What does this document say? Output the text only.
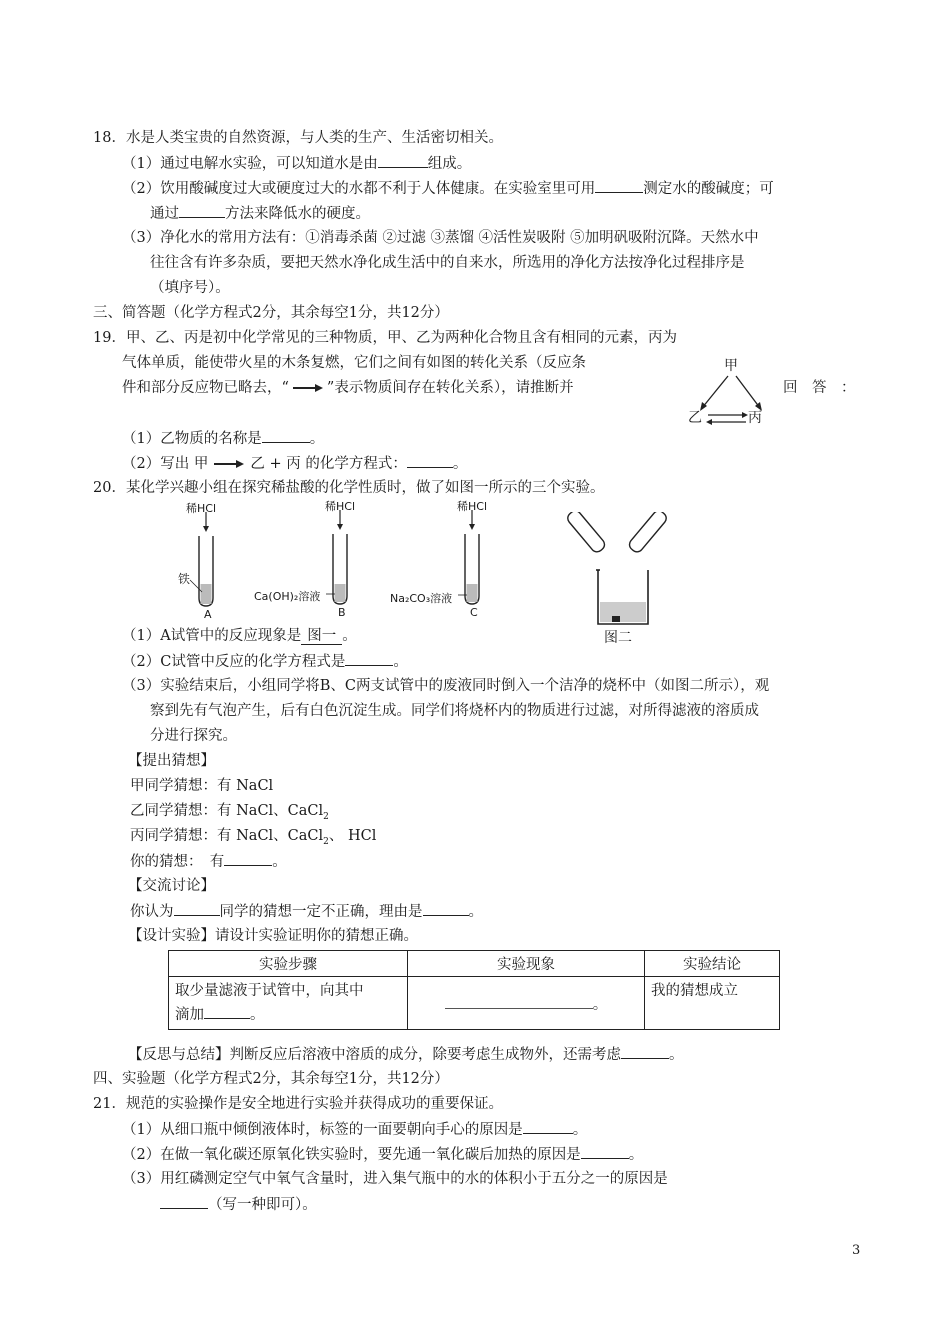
18．水是人类宝贵的自然资源，与人类的生产、生活密切相关。
（1）通过电解水实验，可以知道水是由	组成。
（2）饮用酸碱度过大或硬度过大的水都不利于人体健康。在实验室里可用	测定水的酸碱度；可
通过	方法来降低水的硬度。
（3）净化水的常用方法有：①消毒杀菌 ②过滤 ③蒸馏 ④活性炭吸附 ⑤加明矾吸附沉降。天然水中
往往含有许多杂质，要把天然水净化成生活中的自来水，所选用的净化方法按净化过程排序是
（填序号）。
三、简答题（化学方程式2分，其余每空1分，共12分）
19．甲、乙、丙是初中化学常见的三种物质，甲、乙为两种化合物且含有相同的元素，丙为
气体单质，能使带火星的木条复燃，它们之间有如图的转化关系（反应条
件和部分反应物已略去，“	”表示物质间存在转化关系），请推断并	回　答　：
甲
乙	丙
（1）乙物质的名称是	。
（2）写出 甲	乙 + 丙 的化学方程式：	。
20．某化学兴趣小组在探究稀盐酸的化学性质时，做了如图一所示的三个实验。
稀HCl	稀HCl	稀HCl
铁
Ca(OH)₂溶液	Na₂CO₃溶液
A	B	C
图二
（1）A试管中的反应现象是 图一 。
（2）C试管中反应的化学方程式是	。
（3）实验结束后，小组同学将B、C两支试管中的废液同时倒入一个洁净的烧杯中（如图二所示），观
察到先有气泡产生，后有白色沉淀生成。同学们将烧杯内的物质进行过滤，对所得滤液的溶质成
分进行探究。
【提出猜想】
甲同学猜想：有 NaCl
乙同学猜想：有 NaCl、CaCl$_2$
丙同学猜想：有 NaCl、CaCl$_2$、 HCl
你的猜想：　有	。
【交流讨论】
你认为	同学的猜想一定不正确，理由是	。
【设计实验】请设计实验证明你的猜想正确。
实验步骤	实验现象	实验结论
取少量滤液于试管中，向其中
滴加 。	。	我的猜想成立
【反思与总结】判断反应后溶液中溶质的成分，除要考虑生成物外，还需考虑	。
四、实验题（化学方程式2分，其余每空1分，共12分）
21．规范的实验操作是安全地进行实验并获得成功的重要保证。
（1）从细口瓶中倾倒液体时，标签的一面要朝向手心的原因是	。
（2）在做一氧化碳还原氧化铁实验时，要先通一氧化碳后加热的原因是	。
（3）用红磷测定空气中氧气含量时，进入集气瓶中的水的体积小于五分之一的原因是
（写一种即可）。
3
